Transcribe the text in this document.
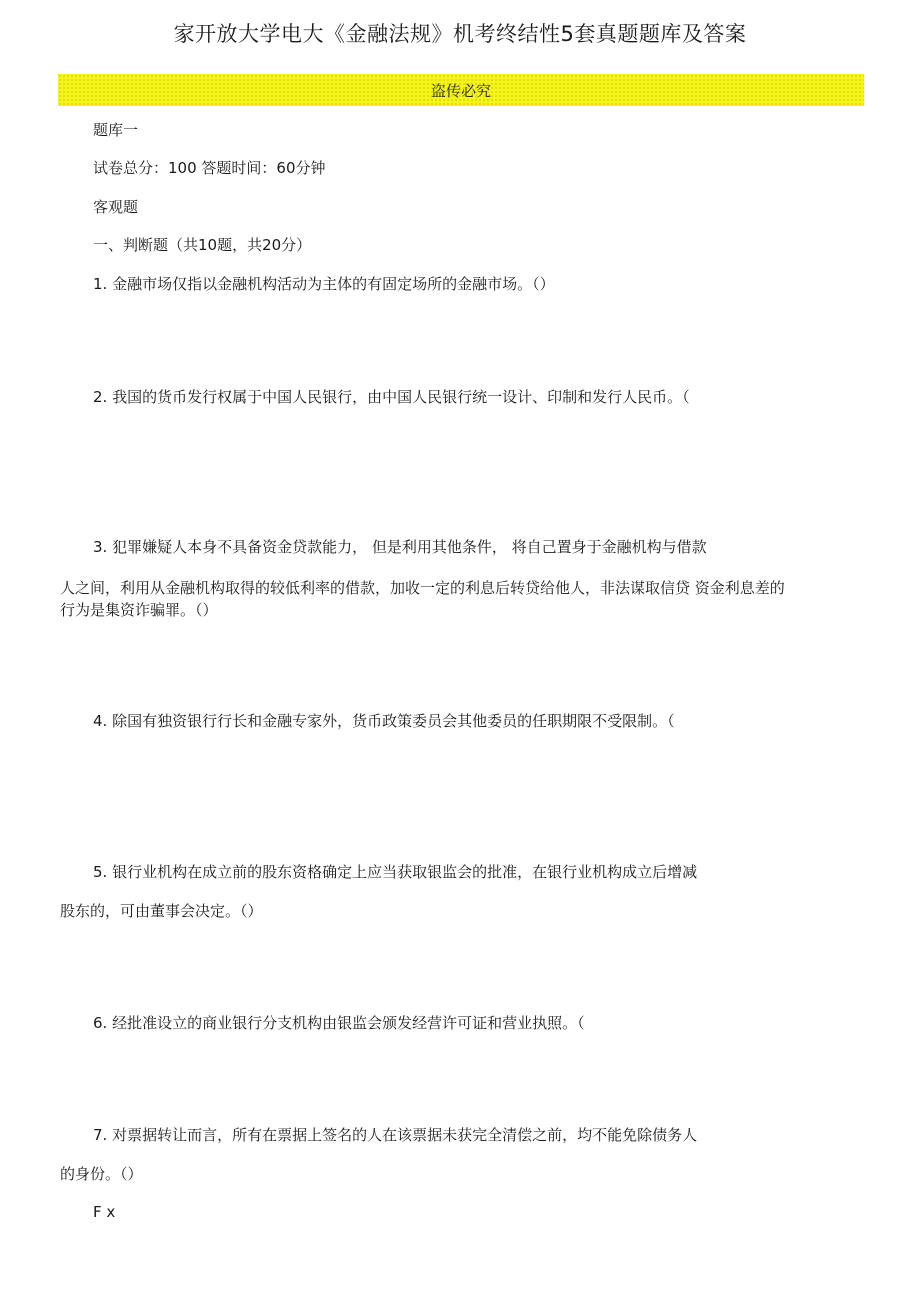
家开放大学电大《金融法规》机考终结性5套真题题库及答案
盗传必究
题库一
试卷总分：100 答题时间：60分钟
客观题
一、判断题（共10题，共20分）
1. 金融市场仅指以金融机构活动为主体的有固定场所的金融市场。（）
2. 我国的货币发行权属于中国人民银行，由中国人民银行统一设计、印制和发行人民币。（
3. 犯罪嫌疑人本身不具备资金贷款能力， 但是利用其他条件， 将自己置身于金融机构与借款
人之间，利用从金融机构取得的较低利率的借款，加收一定的利息后转贷给他人，非法谋取信贷 资金利息差的
行为是集资诈骗罪。（）
4. 除国有独资银行行长和金融专家外，货币政策委员会其他委员的任职期限不受限制。（
5. 银行业机构在成立前的股东资格确定上应当获取银监会的批准，在银行业机构成立后增减
股东的，可由董事会决定。（）
6. 经批准设立的商业银行分支机构由银监会颁发经营许可证和营业执照。（
7. 对票据转让而言，所有在票据上签名的人在该票据未获完全清偿之前，均不能免除债务人
的身份。（）
F x
